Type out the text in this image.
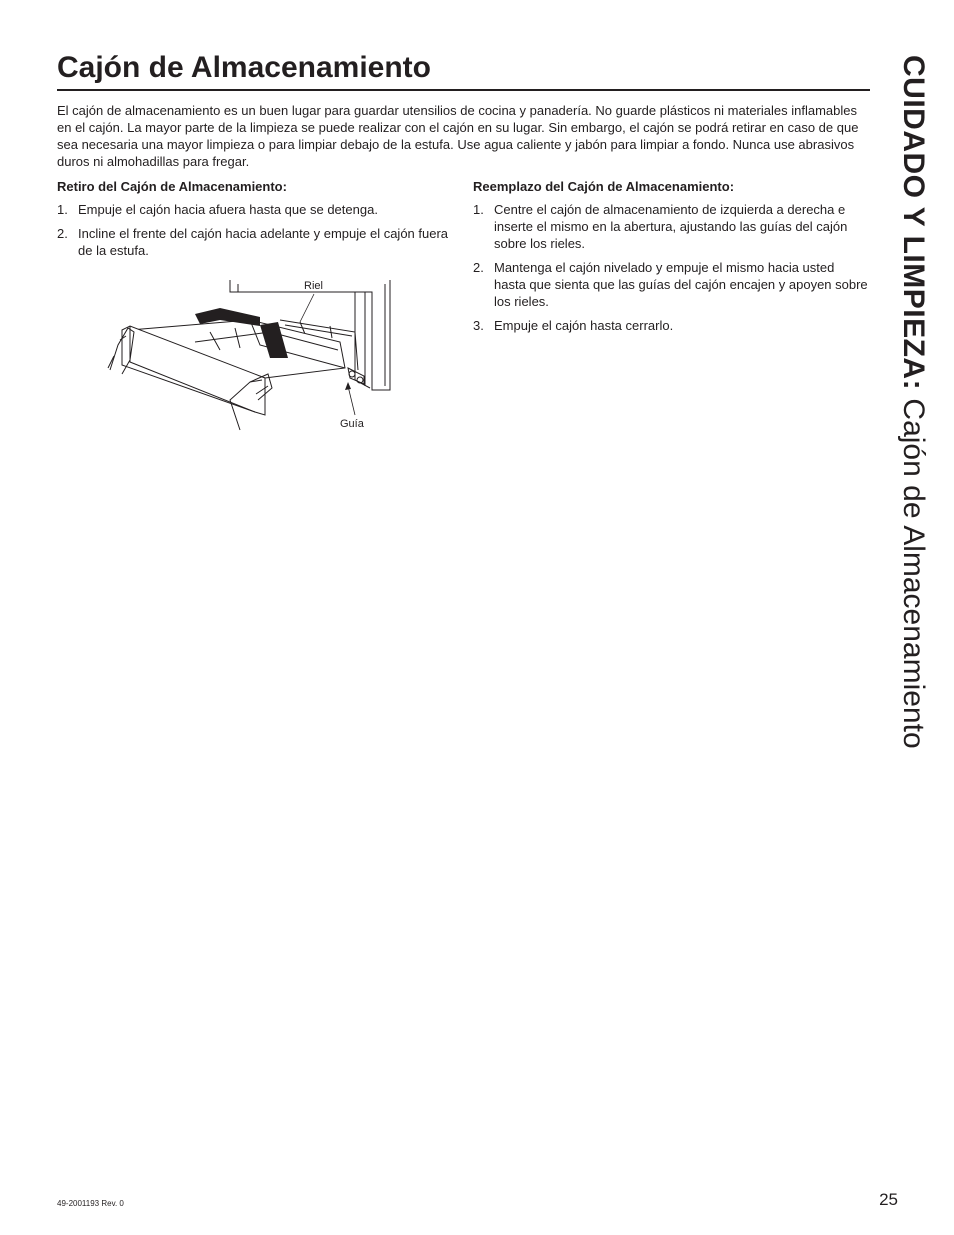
Cajón de Almacenamiento

El cajón de almacenamiento es un buen lugar para guardar utensilios de cocina y panadería. No guarde plásticos ni materiales inflamables en el cajón. La mayor parte de la limpieza se puede realizar con el cajón en su lugar. Sin embargo, el cajón se podrá retirar en caso de que sea necesaria una mayor limpieza o para limpiar debajo de la estufa. Use agua caliente y jabón para limpiar a fondo. Nunca use abrasivos duros ni almohadillas para fregar.

Retiro del Cajón de Almacenamiento:
1. Empuje el cajón hacia afuera hasta que se detenga.
2. Incline el frente del cajón hacia adelante y empuje el cajón fuera de la estufa.
Reemplazo del Cajón de Almacenamiento:
1. Centre el cajón de almacenamiento de izquierda a derecha e inserte el mismo en la abertura, ajustando las guías del cajón sobre los rieles.
2. Mantenga el cajón nivelado y empuje el mismo hacia usted hasta que sienta que las guías del cajón encajen y apoyen sobre los rieles.
3. Empuje el cajón hasta cerrarlo.
Riel
Guía
CUIDADO Y LIMPIEZA: Cajón de Almacenamiento
49-2001193 Rev. 0	25
